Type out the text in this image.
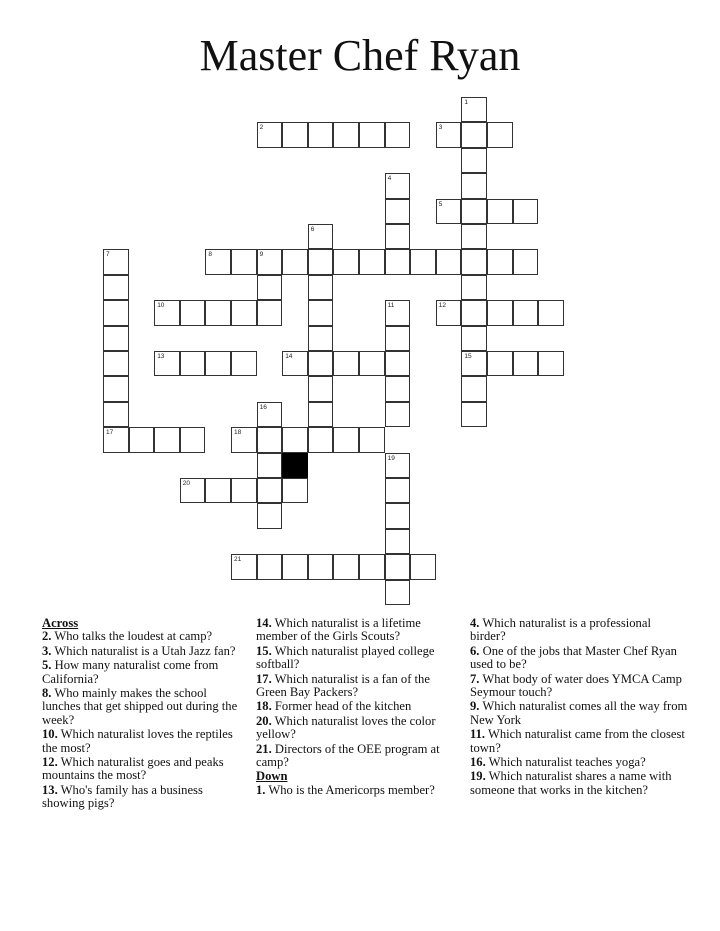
Master Chef Ryan
1
15
2	3
4
5
6
7
17
8	9
10	11	12
13	14
16
18
19
20
21
Across
2. Who talks the loudest at camp?
3. Which naturalist is a Utah Jazz fan?
5. How many naturalist come from California?
8. Who mainly makes the school lunches that get shipped out during the week?
10. Which naturalist loves the reptiles the most?
12. Which naturalist goes and peaks mountains the most?
13. Who's family has a business showing pigs?
14. Which naturalist is a lifetime member of the Girls Scouts?
15. Which naturalist played college softball?
17. Which naturalist is a fan of the Green Bay Packers?
18. Former head of the kitchen
20. Which naturalist loves the color yellow?
21. Directors of the OEE program at camp?
Down
1. Who is the Americorps member?
4. Which naturalist is a professional birder?
6. One of the jobs that Master Chef Ryan used to be?
7. What body of water does YMCA Camp Seymour touch?
9. Which naturalist comes all the way from New York
11. Which naturalist came from the closest town?
16. Which naturalist teaches yoga?
19. Which naturalist shares a name with someone that works in the kitchen?
